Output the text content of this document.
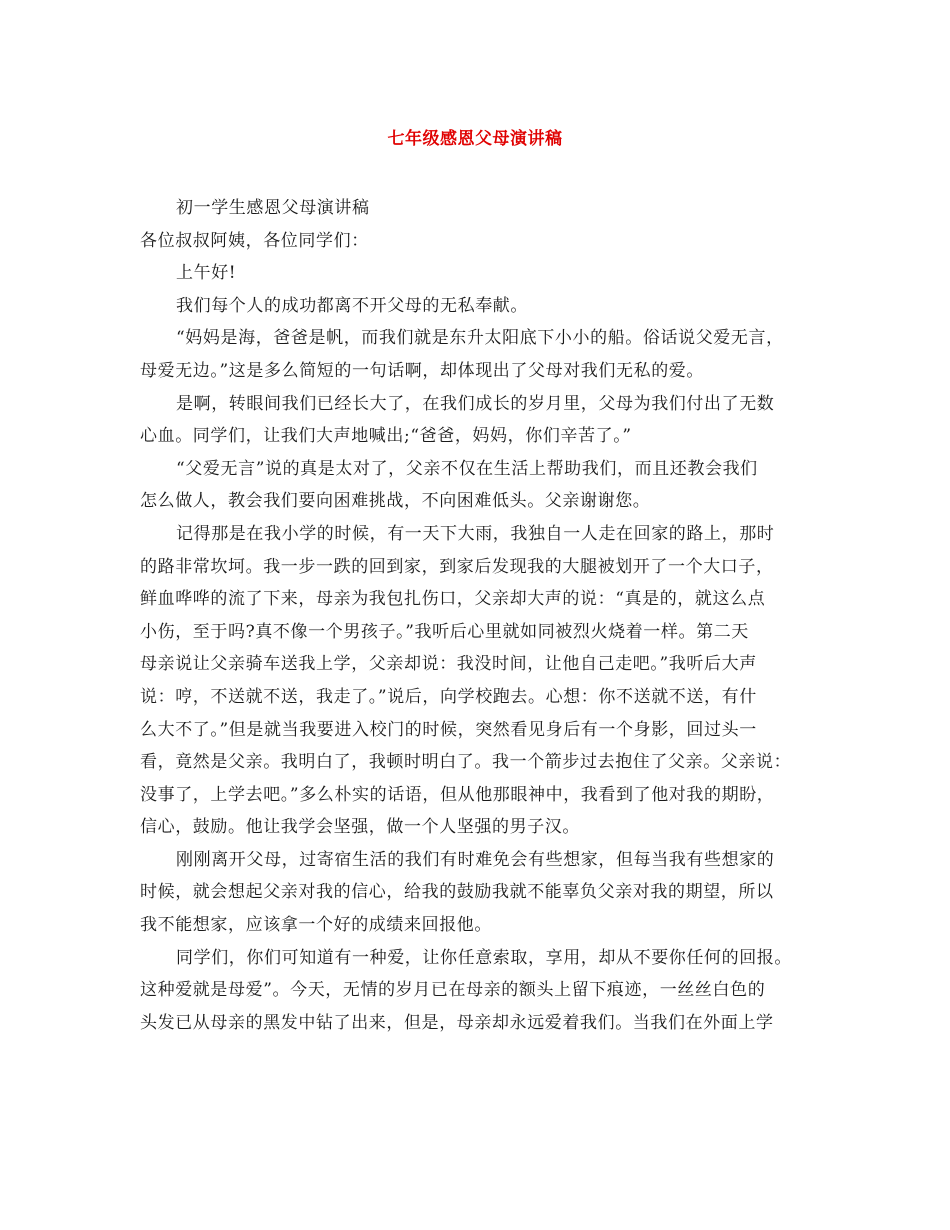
七年级感恩父母演讲稿
初一学生感恩父母演讲稿
各位叔叔阿姨，各位同学们：
上午好!
我们每个人的成功都离不开父母的无私奉献。
“妈妈是海，爸爸是帆，而我们就是东升太阳底下小小的船。俗话说父爱无言，
母爱无边。”这是多么简短的一句话啊，却体现出了父母对我们无私的爱。
是啊，转眼间我们已经长大了，在我们成长的岁月里，父母为我们付出了无数
心血。同学们，让我们大声地喊出;“爸爸，妈妈，你们辛苦了。”
“父爱无言”说的真是太对了，父亲不仅在生活上帮助我们，而且还教会我们
怎么做人，教会我们要向困难挑战，不向困难低头。父亲谢谢您。
记得那是在我小学的时候，有一天下大雨，我独自一人走在回家的路上，那时
的路非常坎坷。我一步一跌的回到家，到家后发现我的大腿被划开了一个大口子，
鲜血哗哗的流了下来，母亲为我包扎伤口，父亲却大声的说：“真是的，就这么点
小伤，至于吗?真不像一个男孩子。”我听后心里就如同被烈火烧着一样。第二天
母亲说让父亲骑车送我上学，父亲却说：我没时间，让他自己走吧。”我听后大声
说：哼，不送就不送，我走了。”说后，向学校跑去。心想：你不送就不送，有什
么大不了。”但是就当我要进入校门的时候，突然看见身后有一个身影，回过头一
看，竟然是父亲。我明白了，我顿时明白了。我一个箭步过去抱住了父亲。父亲说：
没事了，上学去吧。”多么朴实的话语，但从他那眼神中，我看到了他对我的期盼，
信心，鼓励。他让我学会坚强，做一个人坚强的男子汉。
刚刚离开父母，过寄宿生活的我们有时难免会有些想家，但每当我有些想家的
时候，就会想起父亲对我的信心，给我的鼓励我就不能辜负父亲对我的期望，所以
我不能想家，应该拿一个好的成绩来回报他。
同学们，你们可知道有一种爱，让你任意索取，享用，却从不要你任何的回报。
这种爱就是母爱”。今天，无情的岁月已在母亲的额头上留下痕迹，一丝丝白色的
头发已从母亲的黑发中钻了出来，但是，母亲却永远爱着我们。当我们在外面上学
